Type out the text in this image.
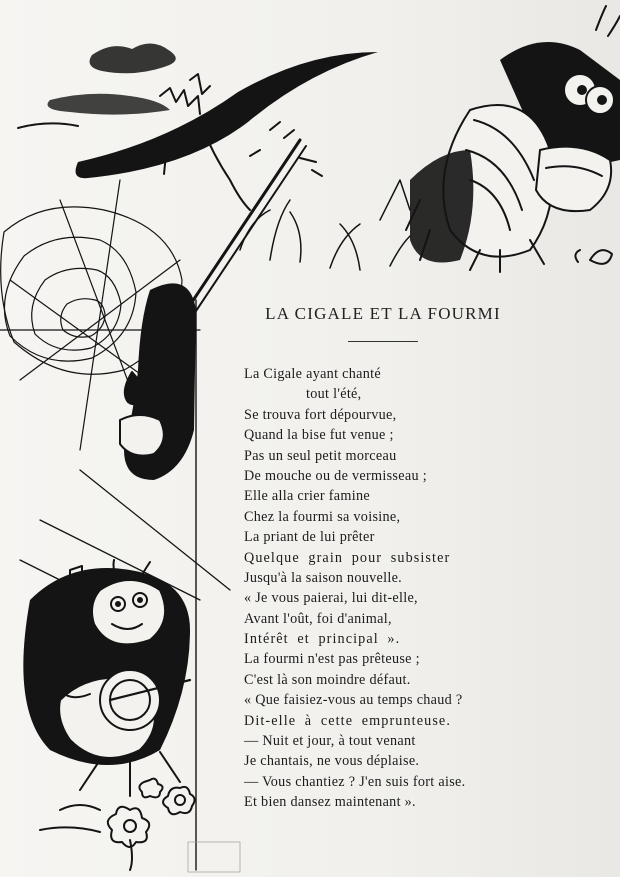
LA CIGALE ET LA FOURMI
La Cigale ayant chanté
tout l'été,
Se trouva fort dépourvue,
Quand la bise fut venue ;
Pas un seul petit morceau
De mouche ou de vermisseau ;
Elle alla crier famine
Chez la fourmi sa voisine,
La priant de lui prêter
Quelque grain pour subsister
Jusqu'à la saison nouvelle.
« Je vous paierai, lui dit-elle,
Avant l'oût, foi d'animal,
Intérêt et principal ».
La fourmi n'est pas prêteuse ;
C'est là son moindre défaut.
« Que faisiez-vous au temps chaud ?
Dit-elle à cette emprunteuse.
— Nuit et jour, à tout venant
Je chantais, ne vous déplaise.
— Vous chantiez ? J'en suis fort aise.
Et bien dansez maintenant ».
